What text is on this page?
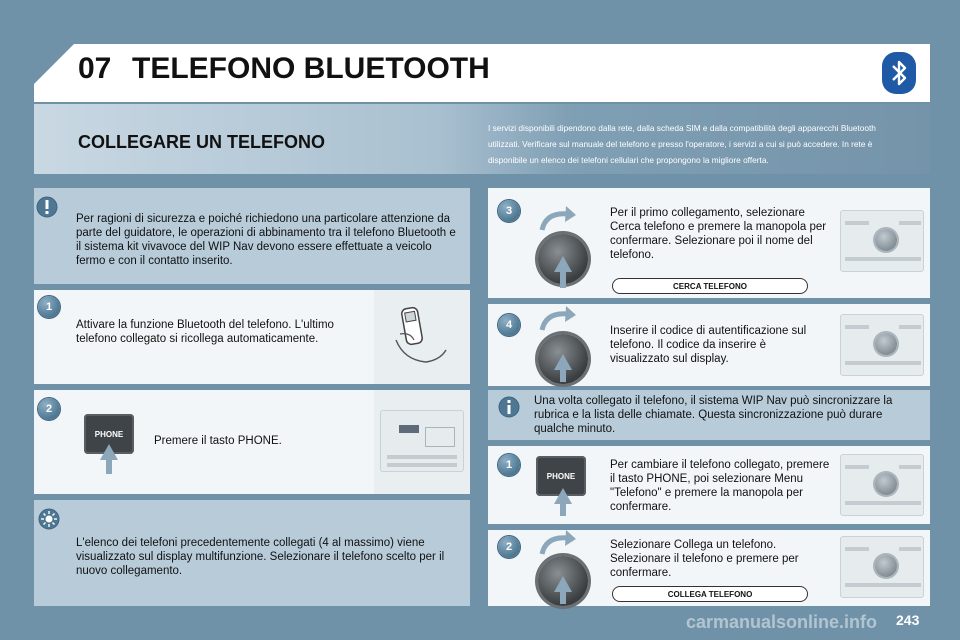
07 TELEFONO BLUETOOTH
COLLEGARE UN TELEFONO
I servizi disponibili dipendono dalla rete, dalla scheda SIM e dalla compatibilità degli apparecchi Bluetooth utilizzati. Verificare sul manuale del telefono e presso l'operatore, i servizi a cui si può accedere. In rete è disponibile un elenco dei telefoni cellulari che propongono la migliore offerta.
Per ragioni di sicurezza e poiché richiedono una particolare attenzione da parte del guidatore, le operazioni di abbinamento tra il telefono Bluetooth e il sistema kit vivavoce del WIP Nav devono essere effettuate a veicolo fermo e con il contatto inserito.
1
Attivare la funzione Bluetooth del telefono. L'ultimo telefono collegato si ricollega automaticamente.
2
PHONE
Premere il tasto PHONE.
L'elenco dei telefoni precedentemente collegati (4 al massimo) viene visualizzato sul display multifunzione. Selezionare il telefono scelto per il nuovo collegamento.
3	Per il primo collegamento, selezionare Cerca telefono e premere la manopola per confermare. Selezionare poi il nome del telefono.
CERCA TELEFONO
4	Inserire il codice di autentificazione sul telefono. Il codice da inserire è visualizzato sul display.
Una volta collegato il telefono, il sistema WIP Nav può sincronizzare la rubrica e la lista delle chiamate. Questa sincronizzazione può durare qualche minuto.
1
PHONE
Per cambiare il telefono collegato, premere il tasto PHONE, poi selezionare Menu "Telefono" e premere la manopola per confermare.
2	Selezionare Collega un telefono. Selezionare il telefono e premere per confermare.
COLLEGA TELEFONO
carmanualsonline.info 243
